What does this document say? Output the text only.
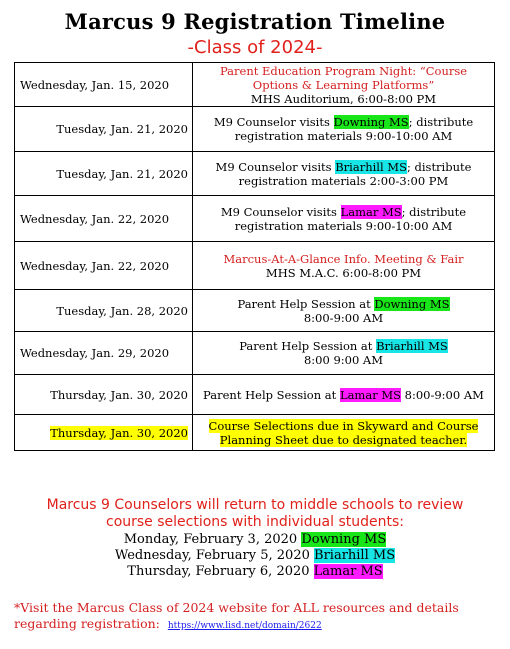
Marcus 9 Registration Timeline
-Class of 2024-
Wednesday, Jan. 15, 2020	Parent Education Program Night: “Course
Options & Learning Platforms”
MHS Auditorium, 6:00-8:00 PM
Tuesday, Jan. 21, 2020	M9 Counselor visits Downing MS; distribute
registration materials 9:00-10:00 AM
Tuesday, Jan. 21, 2020	M9 Counselor visits Briarhill MS; distribute
registration materials 2:00-3:00 PM
Wednesday, Jan. 22, 2020	M9 Counselor visits Lamar MS; distribute
registration materials 9:00-10:00 AM
Wednesday, Jan. 22, 2020	Marcus-At-A-Glance Info. Meeting & Fair
MHS M.A.C. 6:00-8:00 PM
Tuesday, Jan. 28, 2020	Parent Help Session at Downing MS
8:00-9:00 AM
Wednesday, Jan. 29, 2020	Parent Help Session at Briarhill MS
8:00 9:00 AM
Thursday, Jan. 30, 2020	Parent Help Session at Lamar MS 8:00-9:00 AM
Thursday, Jan. 30, 2020	Course Selections due in Skyward and Course
Planning Sheet due to designated teacher.
Marcus 9 Counselors will return to middle schools to review
course selections with individual students:
Monday, February 3, 2020 Downing MS
Wednesday, February 5, 2020 Briarhill MS
Thursday, February 6, 2020 Lamar MS
*Visit the Marcus Class of 2024 website for ALL resources and details
regarding registration: https://www.lisd.net/domain/2622
